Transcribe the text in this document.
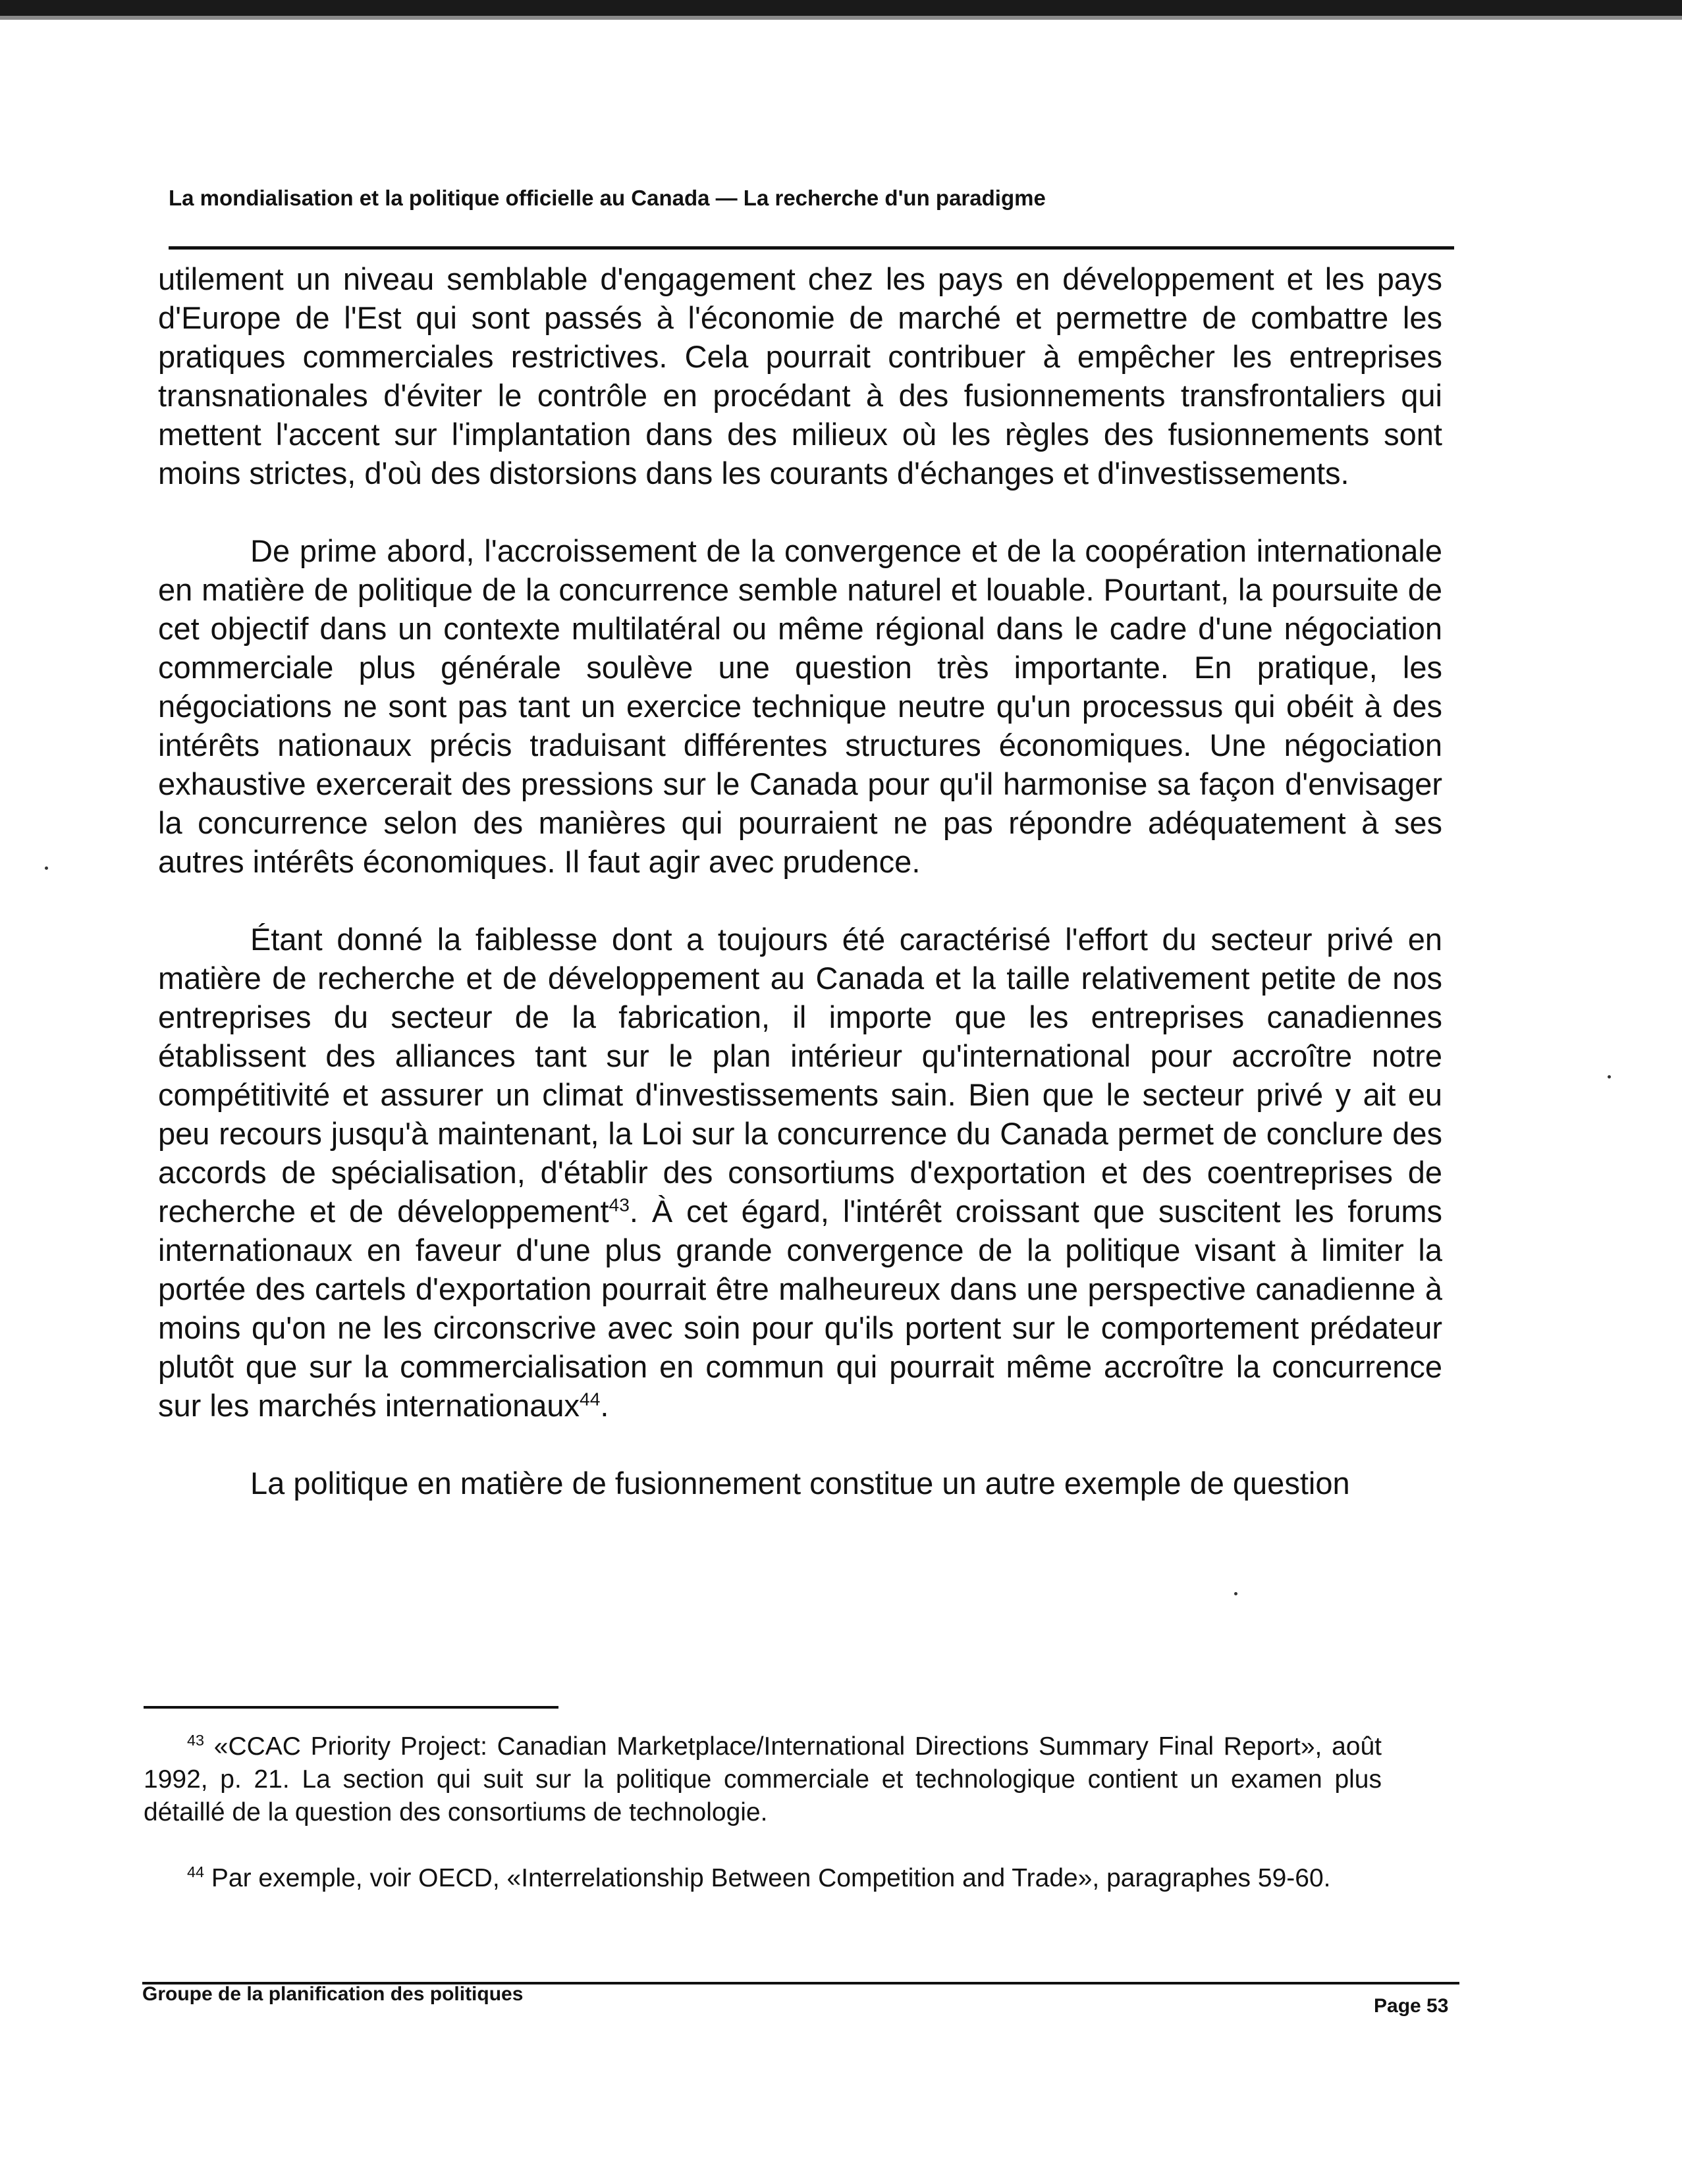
La mondialisation et la politique officielle au Canada — La recherche d'un paradigme

utilement un niveau semblable d'engagement chez les pays en développement et les pays d'Europe de l'Est qui sont passés à l'économie de marché et permettre de combattre les pratiques commerciales restrictives. Cela pourrait contribuer à empêcher les entreprises transnationales d'éviter le contrôle en procédant à des fusionnements transfrontaliers qui mettent l'accent sur l'implantation dans des milieux où les règles des fusionnements sont moins strictes, d'où des distorsions dans les courants d'échanges et d'investissements.

De prime abord, l'accroissement de la convergence et de la coopération internationale en matière de politique de la concurrence semble naturel et louable. Pourtant, la poursuite de cet objectif dans un contexte multilatéral ou même régional dans le cadre d'une négociation commerciale plus générale soulève une question très importante. En pratique, les négociations ne sont pas tant un exercice technique neutre qu'un processus qui obéit à des intérêts nationaux précis traduisant différentes structures économiques. Une négociation exhaustive exercerait des pressions sur le Canada pour qu'il harmonise sa façon d'envisager la concurrence selon des manières qui pourraient ne pas répondre adéquatement à ses autres intérêts économiques. Il faut agir avec prudence.

Étant donné la faiblesse dont a toujours été caractérisé l'effort du secteur privé en matière de recherche et de développement au Canada et la taille relativement petite de nos entreprises du secteur de la fabrication, il importe que les entreprises canadiennes établissent des alliances tant sur le plan intérieur qu'international pour accroître notre compétitivité et assurer un climat d'investissements sain. Bien que le secteur privé y ait eu peu recours jusqu'à maintenant, la Loi sur la concurrence du Canada permet de conclure des accords de spécialisation, d'établir des consortiums d'exportation et des coentreprises de recherche et de développement$^{43}$. À cet égard, l'intérêt croissant que suscitent les forums internationaux en faveur d'une plus grande convergence de la politique visant à limiter la portée des cartels d'exportation pourrait être malheureux dans une perspective canadienne à moins qu'on ne les circonscrive avec soin pour qu'ils portent sur le comportement prédateur plutôt que sur la commercialisation en commun qui pourrait même accroître la concurrence sur les marchés internationaux$^{44}$.

La politique en matière de fusionnement constitue un autre exemple de question

$^{43}$ «CCAC Priority Project: Canadian Marketplace/International Directions Summary Final Report», août 1992, p. 21. La section qui suit sur la politique commerciale et technologique contient un examen plus détaillé de la question des consortiums de technologie.

$^{44}$ Par exemple, voir OECD, «Interrelationship Between Competition and Trade», paragraphes 59-60.

Groupe de la planification des politiques
Page 53
